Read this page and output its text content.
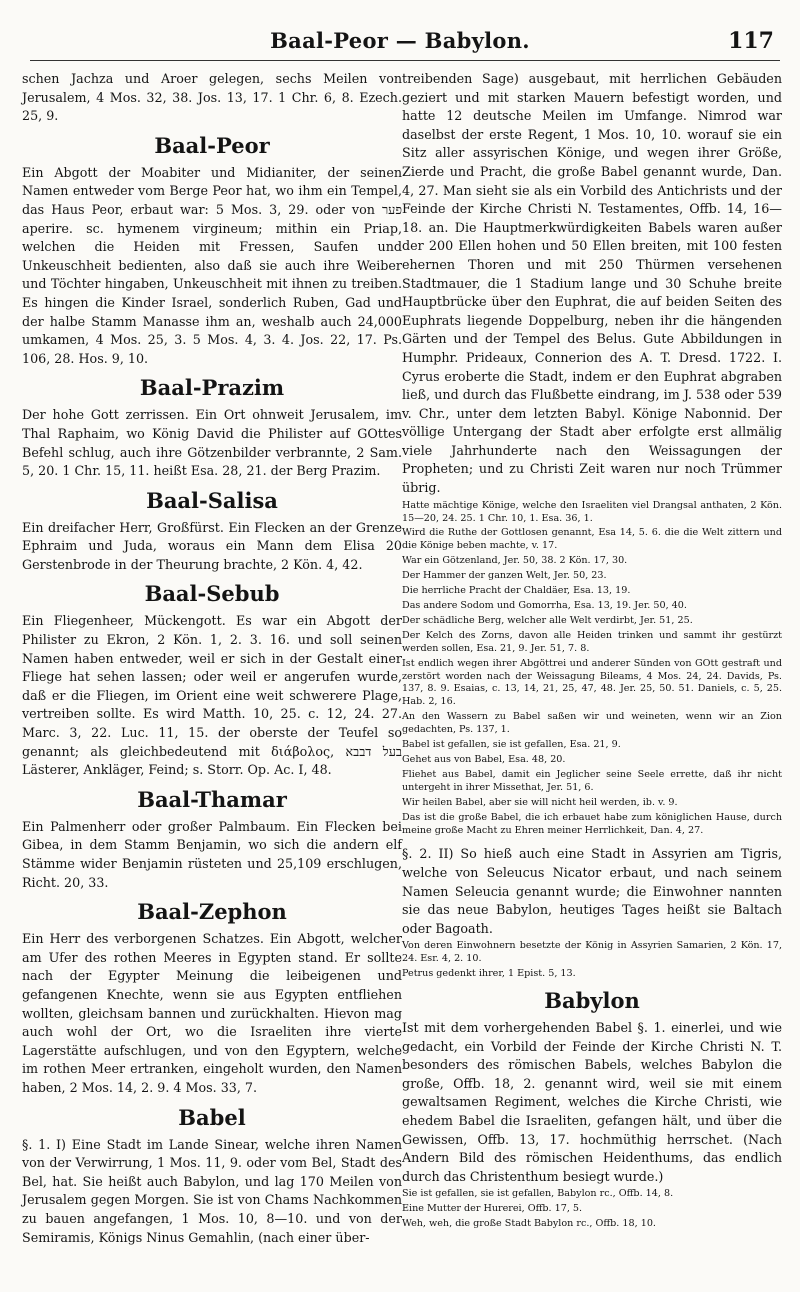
Baal-Peor — Babylon.	117

schen Jachza und Aroer gelegen, sechs Meilen von Jerusalem, 4 Mos. 32, 38. Jos. 13, 17. 1 Chr. 6, 8. Ezech. 25, 9.

Baal-Peor

Ein Abgott der Moabiter und Midianiter, der seinen Namen entweder vom Berge Peor hat, wo ihm ein Tempel, das Haus Peor, erbaut war: 5 Mos. 3, 29. oder von פער aperire. sc. hymenem virgineum; mithin ein Priap, welchen die Heiden mit Fressen, Saufen und Unkeuschheit bedienten, also daß sie auch ihre Weiber und Töchter hingaben, Unkeuschheit mit ihnen zu treiben. Es hingen die Kinder Israel, sonderlich Ruben, Gad und der halbe Stamm Manasse ihm an, weshalb auch 24,000 umkamen, 4 Mos. 25, 3. 5 Mos. 4, 3. 4. Jos. 22, 17. Ps. 106, 28. Hos. 9, 10.

Baal-Prazim

Der hohe Gott zerrissen. Ein Ort ohnweit Jerusalem, im Thal Raphaim, wo König David die Philister auf GOttes Befehl schlug, auch ihre Götzenbilder verbrannte, 2 Sam. 5, 20. 1 Chr. 15, 11. heißt Esa. 28, 21. der Berg Prazim.

Baal-Salisa

Ein dreifacher Herr, Großfürst. Ein Flecken an der Grenze Ephraim und Juda, woraus ein Mann dem Elisa 20 Gerstenbrode in der Theurung brachte, 2 Kön. 4, 42.

Baal-Sebub

Ein Fliegenheer, Mückengott. Es war ein Abgott der Philister zu Ekron, 2 Kön. 1, 2. 3. 16. und soll seinen Namen haben entweder, weil er sich in der Gestalt einer Fliege hat sehen lassen; oder weil er angerufen wurde, daß er die Fliegen, im Orient eine weit schwerere Plage, vertreiben sollte. Es wird Matth. 10, 25. c. 12, 24. 27. Marc. 3, 22. Luc. 11, 15. der oberste der Teufel so genannt; als gleichbedeutend mit διάβολος, בעל דבבא Lästerer, Ankläger, Feind; s. Storr. Op. Ac. I, 48.

Baal-Thamar

Ein Palmenherr oder großer Palmbaum. Ein Flecken bei Gibea, in dem Stamm Benjamin, wo sich die andern elf Stämme wider Benjamin rüsteten und 25,109 erschlugen, Richt. 20, 33.

Baal-Zephon

Ein Herr des verborgenen Schatzes. Ein Abgott, welcher am Ufer des rothen Meeres in Egypten stand. Er sollte nach der Egypter Meinung die leibeigenen und gefangenen Knechte, wenn sie aus Egypten entfliehen wollten, gleichsam bannen und zurückhalten. Hievon mag auch wohl der Ort, wo die Israeliten ihre vierte Lagerstätte aufschlugen, und von den Egyptern, welche im rothen Meer ertranken, eingeholt wurden, den Namen haben, 2 Mos. 14, 2. 9. 4 Mos. 33, 7.

Babel

§. 1. I) Eine Stadt im Lande Sinear, welche ihren Namen von der Verwirrung, 1 Mos. 11, 9. oder vom Bel, Stadt des Bel, hat. Sie heißt auch Babylon, und lag 170 Meilen von Jerusalem gegen Morgen. Sie ist von Chams Nachkommen zu bauen angefangen, 1 Mos. 10, 8—10. und von der Semiramis, Königs Ninus Gemahlin, (nach einer über-

treibenden Sage) ausgebaut, mit herrlichen Gebäuden geziert und mit starken Mauern befestigt worden, und hatte 12 deutsche Meilen im Umfange. Nimrod war daselbst der erste Regent, 1 Mos. 10, 10. worauf sie ein Sitz aller assyrischen Könige, und wegen ihrer Größe, Zierde und Pracht, die große Babel genannt wurde, Dan. 4, 27. Man sieht sie als ein Vorbild des Antichrists und der Feinde der Kirche Christi N. Testamentes, Offb. 14, 16—18. an. Die Hauptmerkwürdigkeiten Babels waren außer der 200 Ellen hohen und 50 Ellen breiten, mit 100 festen ehernen Thoren und mit 250 Thürmen versehenen Stadtmauer, die 1 Stadium lange und 30 Schuhe breite Hauptbrücke über den Euphrat, die auf beiden Seiten des Euphrats liegende Doppelburg, neben ihr die hängenden Gärten und der Tempel des Belus. Gute Abbildungen in Humphr. Prideaux, Connerion des A. T. Dresd. 1722. I. Cyrus eroberte die Stadt, indem er den Euphrat abgraben ließ, und durch das Flußbette eindrang, im J. 538 oder 539 v. Chr., unter dem letzten Babyl. Könige Nabonnid. Der völlige Untergang der Stadt aber erfolgte erst allmälig viele Jahrhunderte nach den Weissagungen der Propheten; und zu Christi Zeit waren nur noch Trümmer übrig.

Hatte mächtige Könige, welche den Israeliten viel Drangsal anthaten, 2 Kön. 15—20, 24. 25. 1 Chr. 10, 1. Esa. 36, 1.

Wird die Ruthe der Gottlosen genannt, Esa 14, 5. 6. die die Welt zittern und die Könige beben machte, v. 17.

War ein Götzenland, Jer. 50, 38. 2 Kön. 17, 30.

Der Hammer der ganzen Welt, Jer. 50, 23.

Die herrliche Pracht der Chaldäer, Esa. 13, 19.

Das andere Sodom und Gomorrha, Esa. 13, 19. Jer. 50, 40.

Der schädliche Berg, welcher alle Welt verdirbt, Jer. 51, 25.

Der Kelch des Zorns, davon alle Heiden trinken und sammt ihr gestürzt werden sollen, Esa. 21, 9. Jer. 51, 7. 8.

Ist endlich wegen ihrer Abgöttrei und anderer Sünden von GOtt gestraft und zerstört worden nach der Weissagung Bileams, 4 Mos. 24, 24. Davids, Ps. 137, 8. 9. Esaias, c. 13, 14, 21, 25, 47, 48. Jer. 25, 50. 51. Daniels, c. 5, 25. Hab. 2, 16.

An den Wassern zu Babel saßen wir und weineten, wenn wir an Zion gedachten, Ps. 137, 1.

Babel ist gefallen, sie ist gefallen, Esa. 21, 9.

Gehet aus von Babel, Esa. 48, 20.

Fliehet aus Babel, damit ein Jeglicher seine Seele errette, daß ihr nicht untergeht in ihrer Missethat, Jer. 51, 6.

Wir heilen Babel, aber sie will nicht heil werden, ib. v. 9.

Das ist die große Babel, die ich erbauet habe zum königlichen Hause, durch meine große Macht zu Ehren meiner Herrlichkeit, Dan. 4, 27.

§. 2. II) So hieß auch eine Stadt in Assyrien am Tigris, welche von Seleucus Nicator erbaut, und nach seinem Namen Seleucia genannt wurde; die Einwohner nannten sie das neue Babylon, heutiges Tages heißt sie Baltach oder Bagoath.

Von deren Einwohnern besetzte der König in Assyrien Samarien, 2 Kön. 17, 24. Esr. 4, 2. 10.

Petrus gedenkt ihrer, 1 Epist. 5, 13.

Babylon

Ist mit dem vorhergehenden Babel §. 1. einerlei, und wie gedacht, ein Vorbild der Feinde der Kirche Christi N. T. besonders des römischen Babels, welches Babylon die große, Offb. 18, 2. genannt wird, weil sie mit einem gewaltsamen Regiment, welches die Kirche Christi, wie ehedem Babel die Israeliten, gefangen hält, und über die Gewissen, Offb. 13, 17. hochmüthig herrschet. (Nach Andern Bild des römischen Heidenthums, das endlich durch das Christenthum besiegt wurde.)

Sie ist gefallen, sie ist gefallen, Babylon rc., Offb. 14, 8.

Eine Mutter der Hurerei, Offb. 17, 5.

Weh, weh, die große Stadt Babylon rc., Offb. 18, 10.
